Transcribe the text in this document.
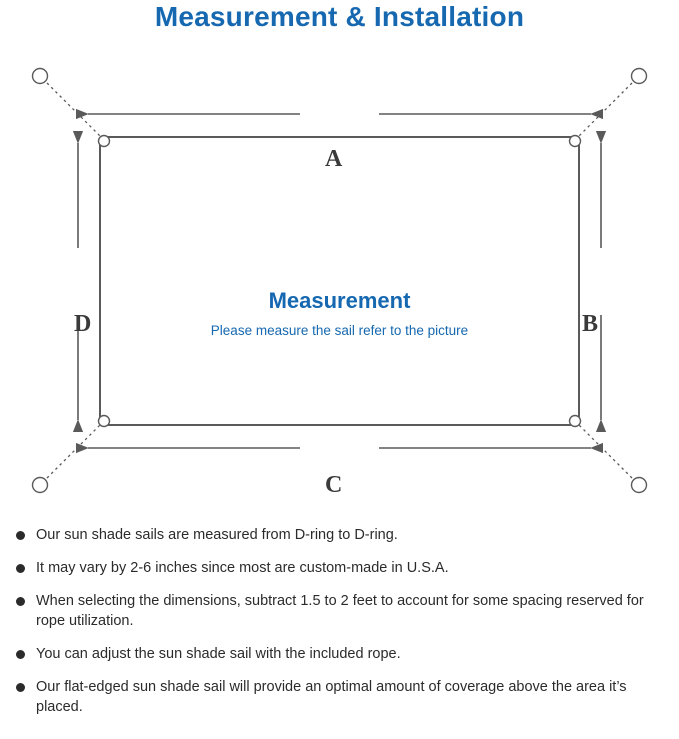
Measurement & Installation
Measurement
Please measure the sail refer to the picture
A
B
C
D
Our sun shade sails are measured from D-ring to D-ring.
It may vary by 2-6 inches since most are custom-made in U.S.A.
When selecting the dimensions, subtract 1.5 to 2 feet to account for some spacing reserved for rope utilization.
You can adjust the sun shade sail with the included rope.
Our flat-edged sun shade sail will provide an optimal amount of coverage above the area it’s placed.
